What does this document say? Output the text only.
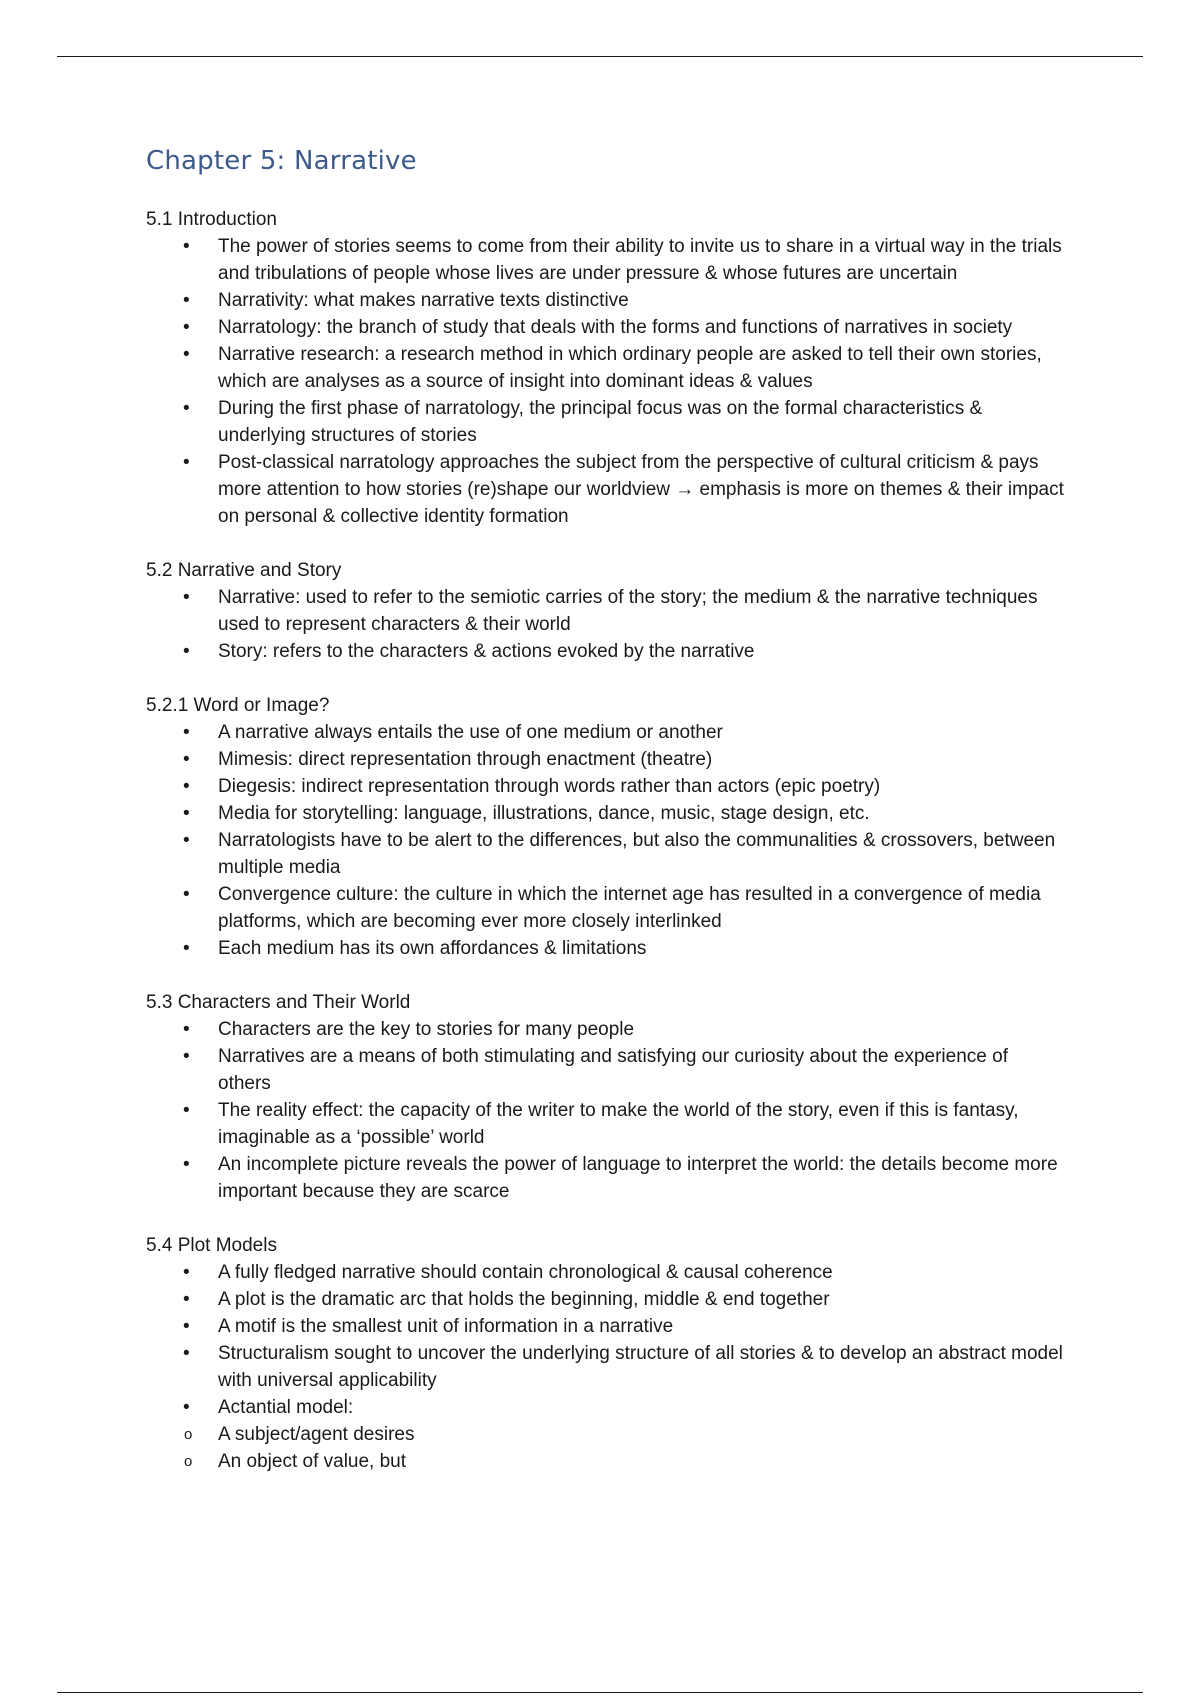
Chapter 5: Narrative

5.1 Introduction

• The power of stories seems to come from their ability to invite us to share in a virtual way in the trials and tribulations of people whose lives are under pressure & whose futures are uncertain
• Narrativity: what makes narrative texts distinctive
• Narratology: the branch of study that deals with the forms and functions of narratives in society
• Narrative research: a research method in which ordinary people are asked to tell their own stories, which are analyses as a source of insight into dominant ideas & values
• During the first phase of narratology, the principal focus was on the formal characteristics & underlying structures of stories
• Post-classical narratology approaches the subject from the perspective of cultural criticism & pays more attention to how stories (re)shape our worldview → emphasis is more on themes & their impact on personal & collective identity formation

5.2 Narrative and Story

• Narrative: used to refer to the semiotic carries of the story; the medium & the narrative techniques used to represent characters & their world
• Story: refers to the characters & actions evoked by the narrative

5.2.1 Word or Image?

• A narrative always entails the use of one medium or another
• Mimesis: direct representation through enactment (theatre)
• Diegesis: indirect representation through words rather than actors (epic poetry)
• Media for storytelling: language, illustrations, dance, music, stage design, etc.
• Narratologists have to be alert to the differences, but also the communalities & crossovers, between multiple media
• Convergence culture: the culture in which the internet age has resulted in a convergence of media platforms, which are becoming ever more closely interlinked
• Each medium has its own affordances & limitations

5.3 Characters and Their World

• Characters are the key to stories for many people
• Narratives are a means of both stimulating and satisfying our curiosity about the experience of others
• The reality effect: the capacity of the writer to make the world of the story, even if this is fantasy, imaginable as a ‘possible’ world
• An incomplete picture reveals the power of language to interpret the world: the details become more important because they are scarce

5.4 Plot Models

• A fully fledged narrative should contain chronological & causal coherence
• A plot is the dramatic arc that holds the beginning, middle & end together
• A motif is the smallest unit of information in a narrative
• Structuralism sought to uncover the underlying structure of all stories & to develop an abstract model with universal applicability
• Actantial model:
o A subject/agent desires
o An object of value, but
